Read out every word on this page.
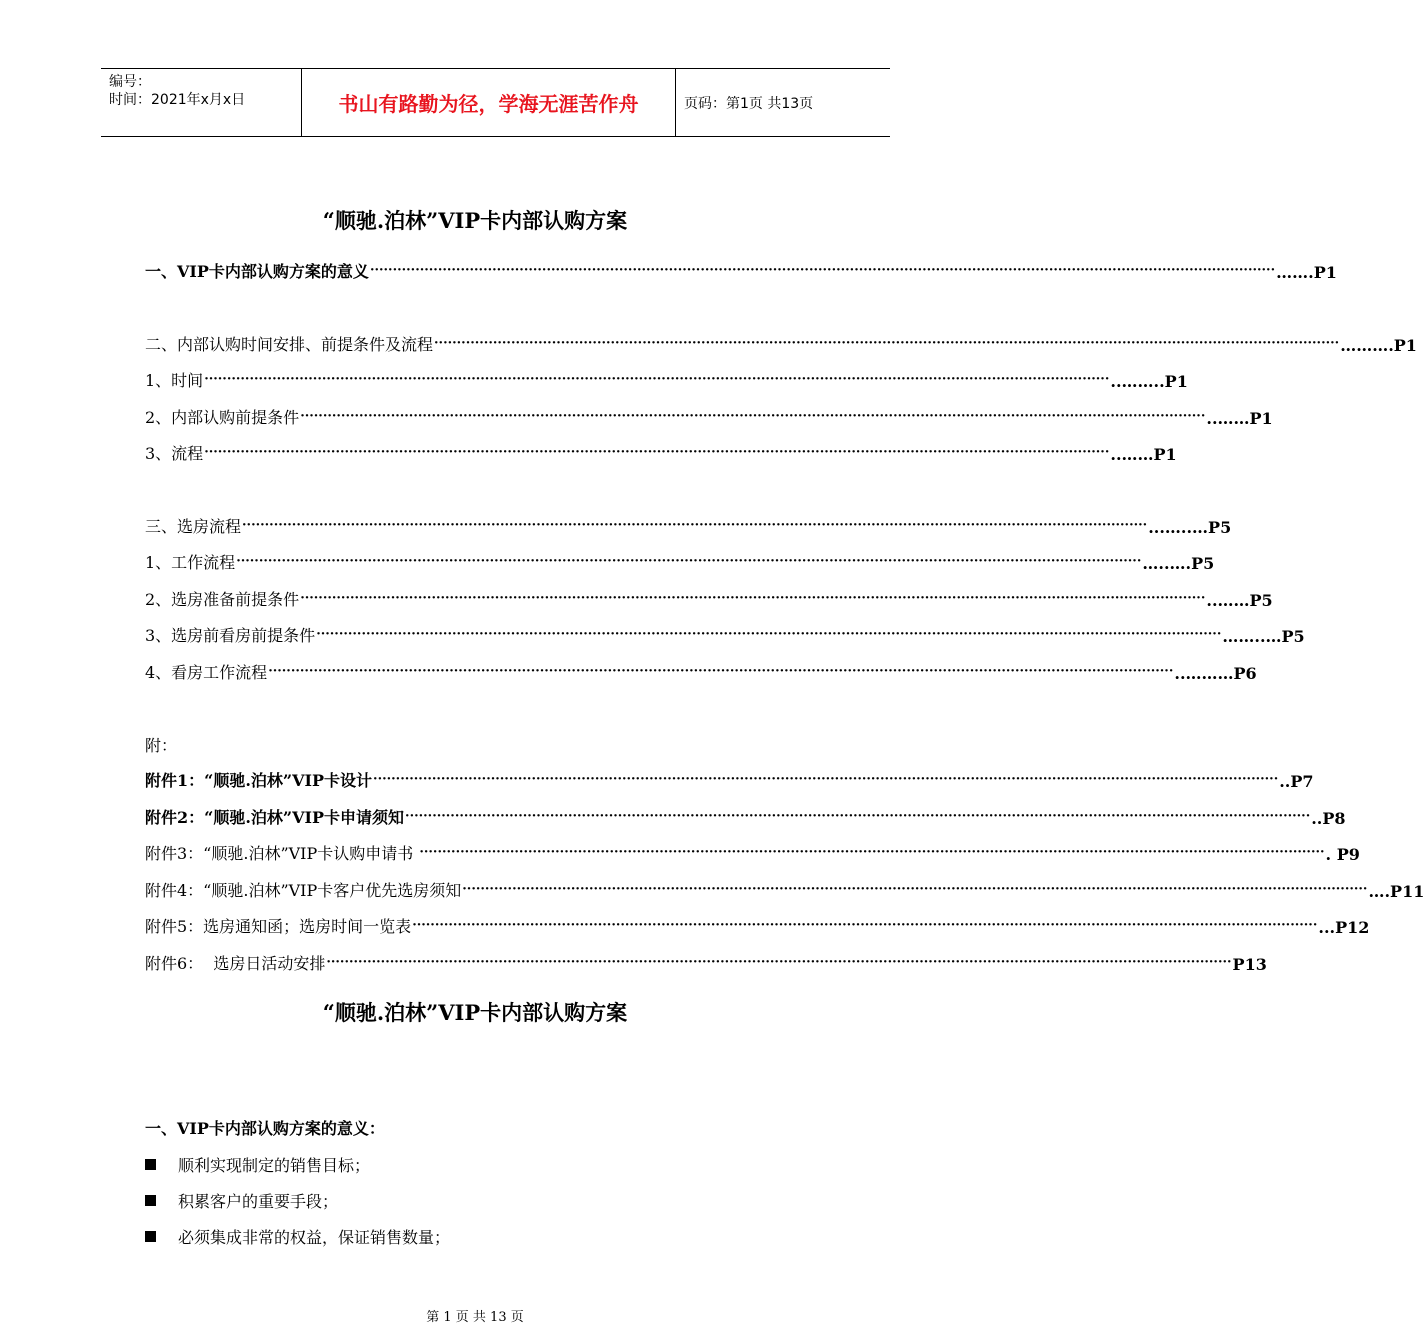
编号：
时间：2021年x月x日	书山有路勤为径，学海无涯苦作舟	页码：第1页 共13页
“顺驰.泊林”VIP卡内部认购方案
一、VIP卡内部认购方案的意义 ········································································································································································································ …….P1
二、内部认购时间安排、前提条件及流程 ········································································································································································································ ……….P1
1、时间 ········································································································································································································ ..……..P1
2、内部认购前提条件 ········································································································································································································ ..……P1
3、流程 ········································································································································································································ ..……P1
三、选房流程 ········································································································································································································ ...…..…P5
1、工作流程 ········································································································································································································ …..….P5
2、选房准备前提条件 ········································································································································································································ ..……P5
3、选房前看房前提条件 ········································································································································································································ ……..…P5
4、看房工作流程 ········································································································································································································ ..………P6
附：
附件1：“顺驰.泊林”VIP卡设计 ········································································································································································································ ..P7
附件2：“顺驰.泊林”VIP卡申请须知 ········································································································································································································ ..P8
附件3：“顺驰.泊林”VIP卡认购申请书 ········································································································································································································ . P9
附件4：“顺驰.泊林”VIP卡客户优先选房须知 ········································································································································································································ ….P11
附件5：选房通知函；选房时间一览表 ········································································································································································································ ...P12
附件6：  选房日活动安排 ········································································································································································································ P13
“顺驰.泊林”VIP卡内部认购方案
一、VIP卡内部认购方案的意义：
顺利实现制定的销售目标；
积累客户的重要手段；
必须集成非常的权益，保证销售数量；
第 1 页 共 13 页
